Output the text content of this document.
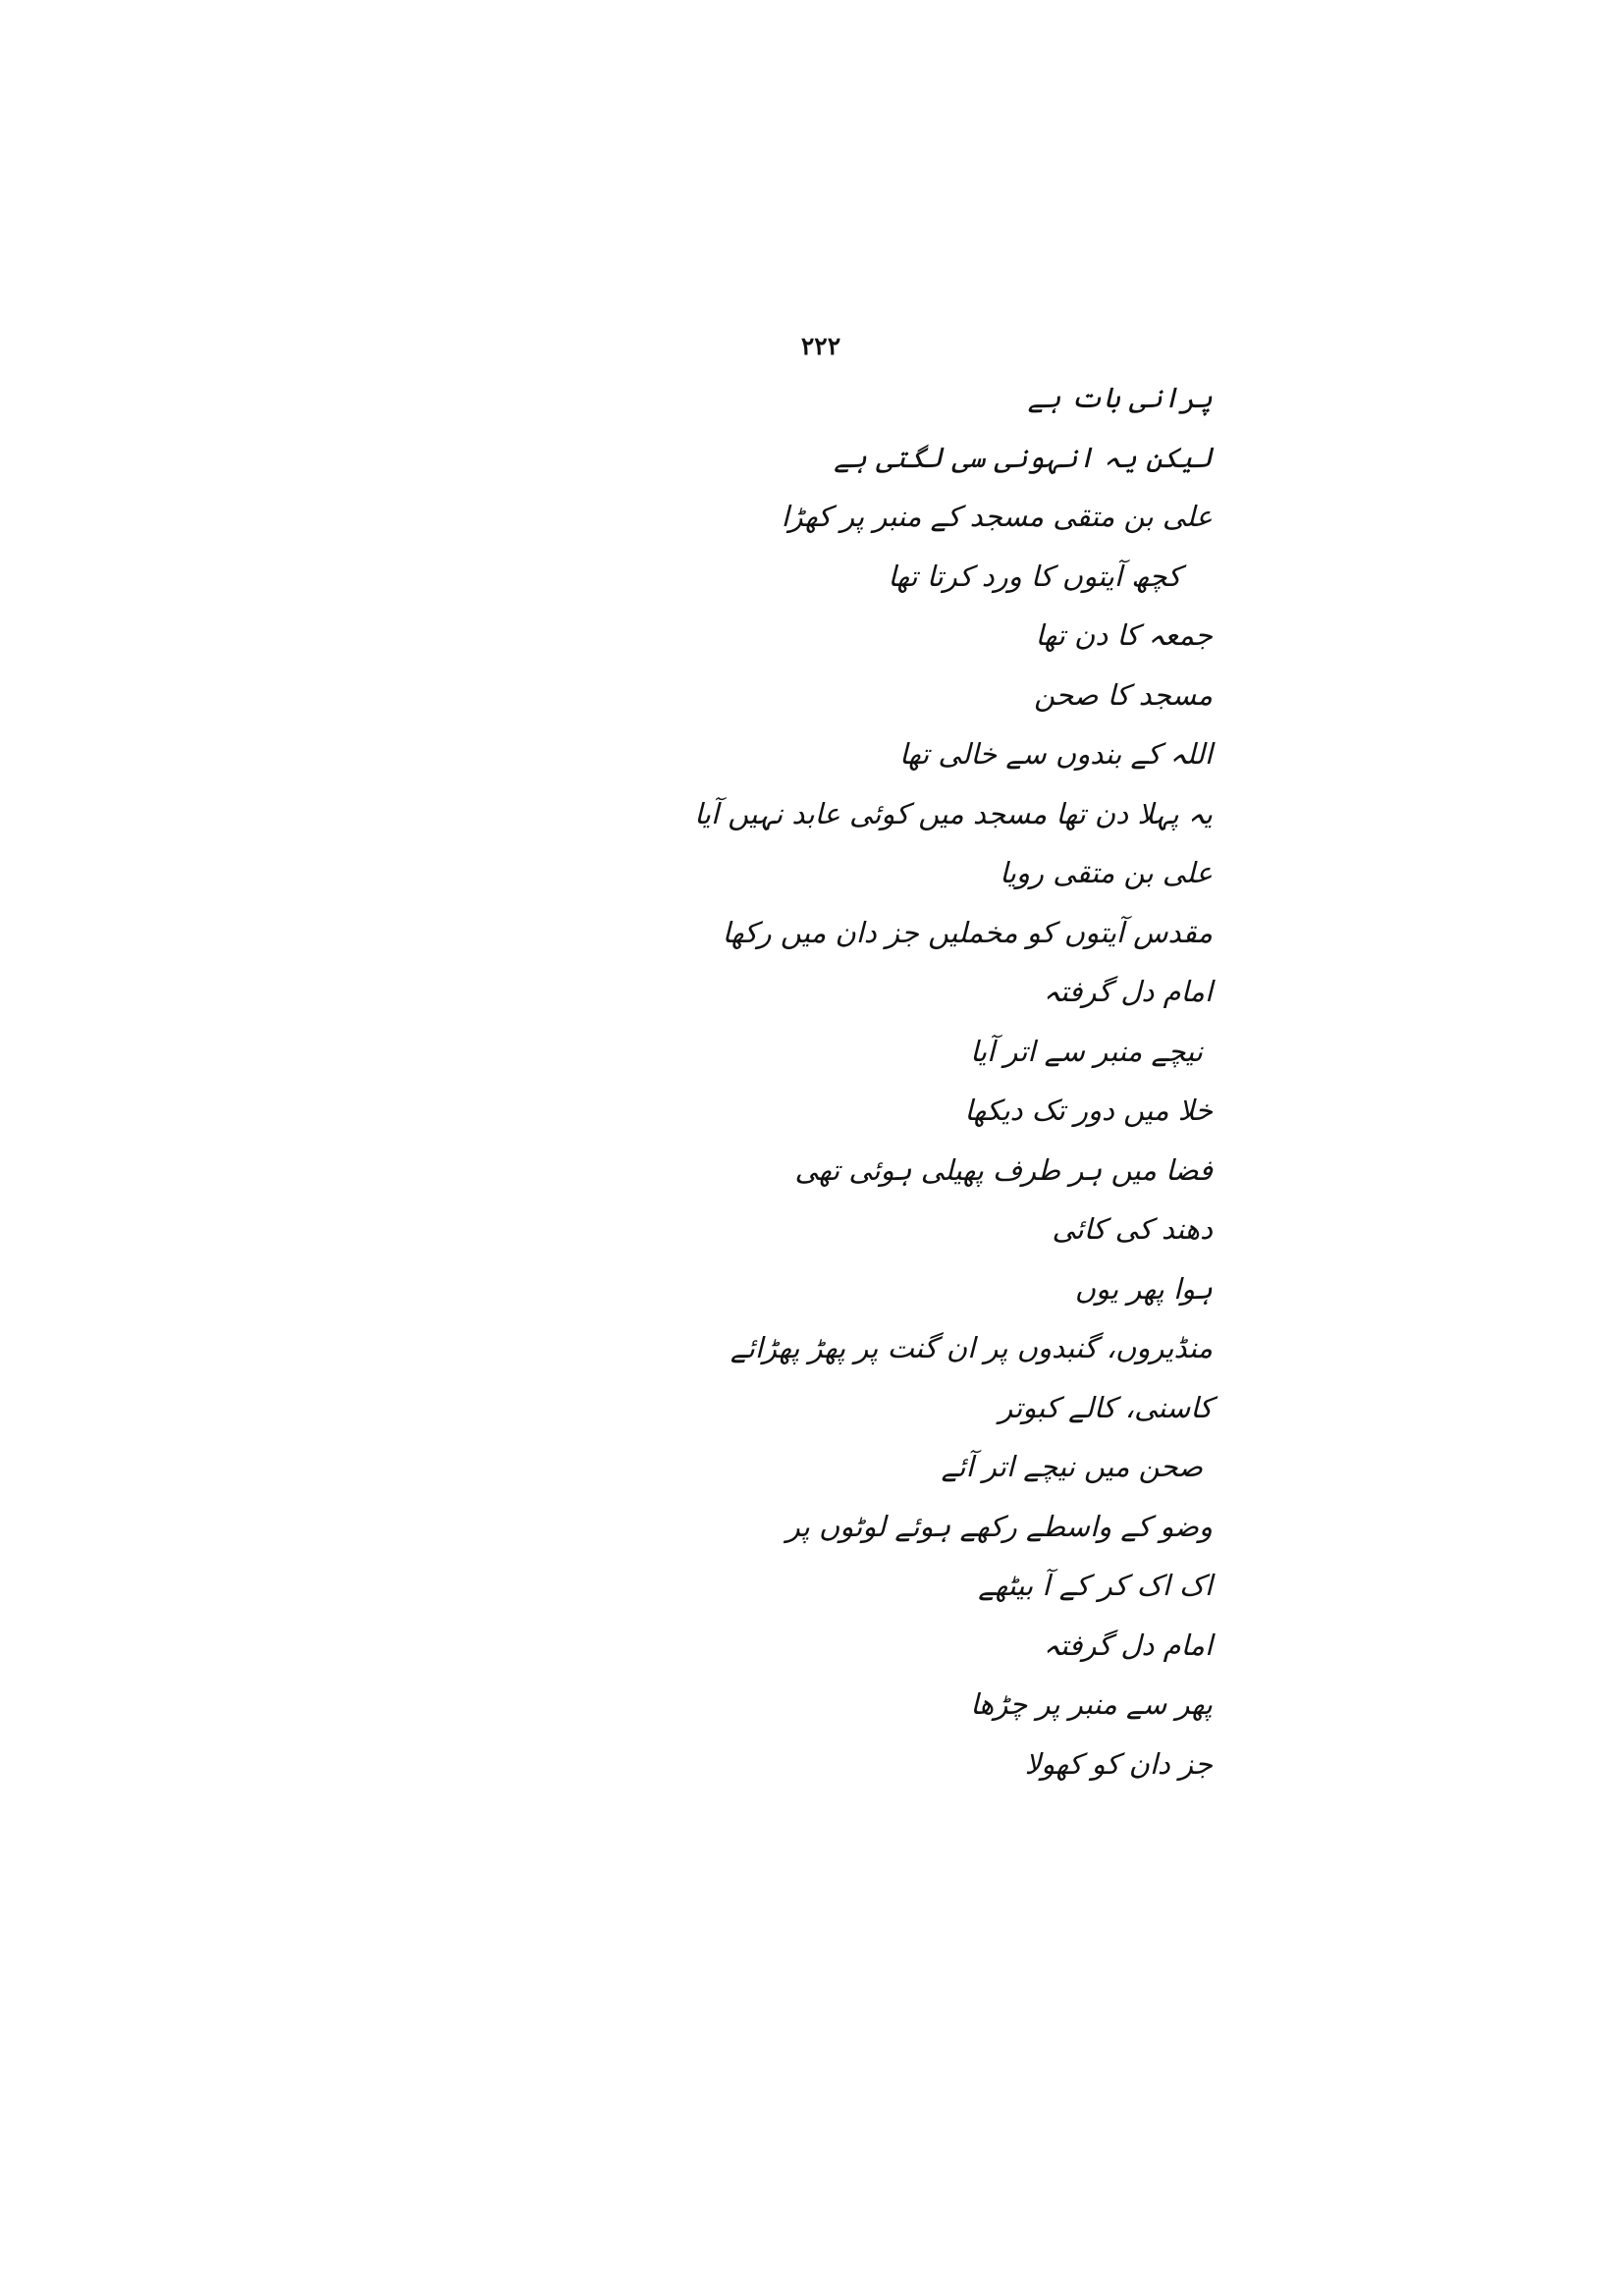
۲۲۲
پرانی بات ہے
لیکن یہ انہونی سی لگتی ہے
علی بن متقی مسجد کے منبر پر کھڑا
کچھ آیتوں کا ورد کرتا تھا
جمعہ کا دن تھا
مسجد کا صحن
اللہ کے بندوں سے خالی تھا
یہ پہلا دن تھا مسجد میں کوئی عابد نہیں آیا
علی بن متقی رویا
مقدس آیتوں کو مخملیں جز دان میں رکھا
امام دل گرفتہ
نیچے منبر سے اتر آیا
خلا میں دور تک دیکھا
فضا میں ہر طرف پھیلی ہوئی تھی
دھند کی کائی
ہوا پھر یوں
منڈیروں، گنبدوں پر ان گنت پر پھڑ پھڑائے
کاسنی، کالے کبوتر
صحن میں نیچے اتر آئے
وضو کے واسطے رکھے ہوئے لوٹوں پر
اک اک کر کے آ بیٹھے
امام دل گرفتہ
پھر سے منبر پر چڑھا
جز دان کو کھولا
